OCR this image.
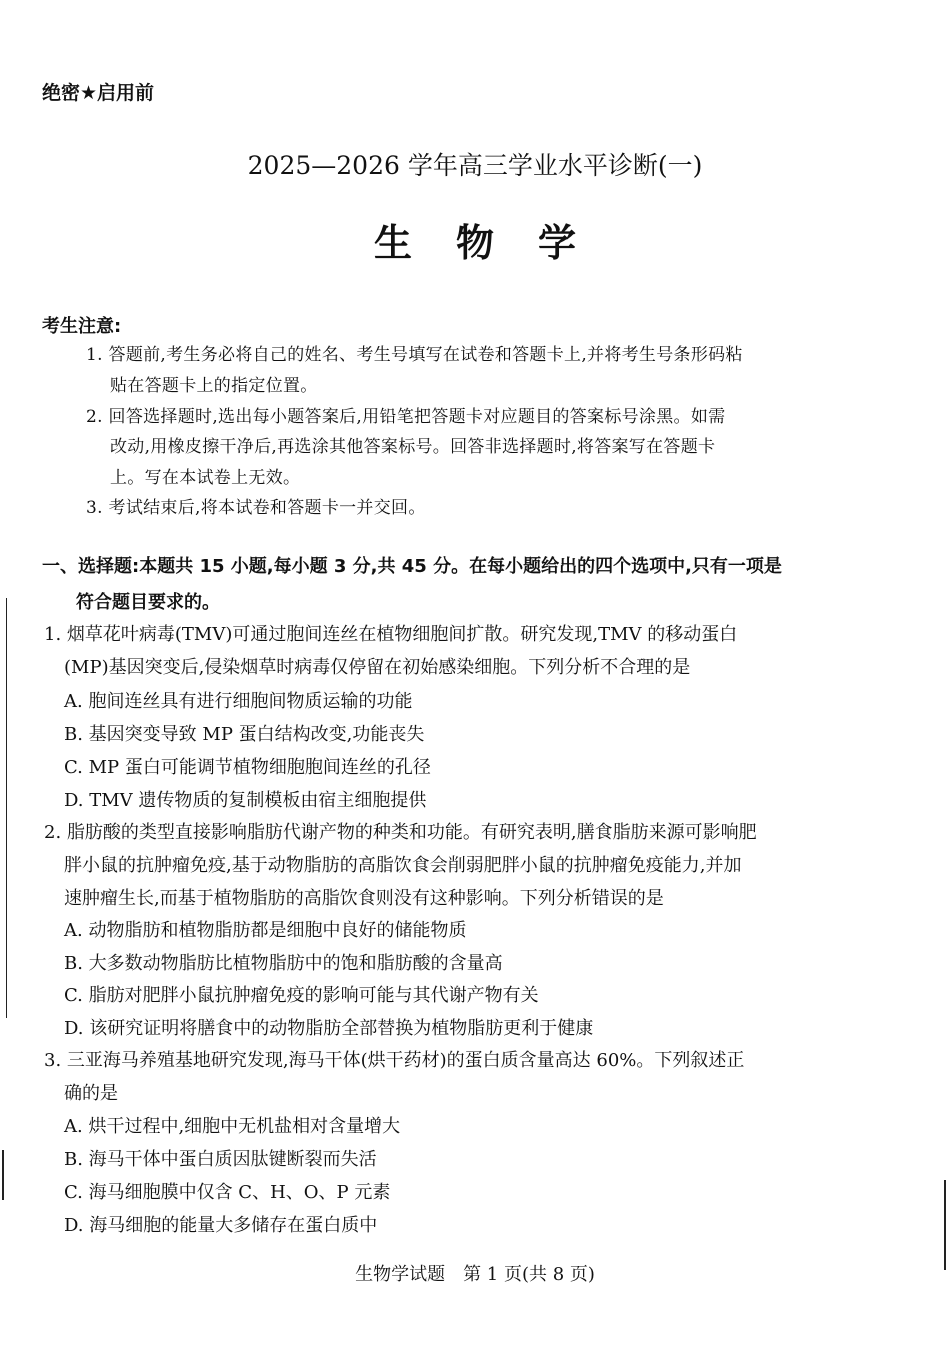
绝密★启用前
2025—2026 学年高三学业水平诊断(一)
生物学
考生注意:
1. 答题前,考生务必将自己的姓名、考生号填写在试卷和答题卡上,并将考生号条形码粘
贴在答题卡上的指定位置。
2. 回答选择题时,选出每小题答案后,用铅笔把答题卡对应题目的答案标号涂黑。如需
改动,用橡皮擦干净后,再选涂其他答案标号。回答非选择题时,将答案写在答题卡
上。写在本试卷上无效。
3. 考试结束后,将本试卷和答题卡一并交回。
一、选择题:本题共 15 小题,每小题 3 分,共 45 分。在每小题给出的四个选项中,只有一项是
符合题目要求的。
1. 烟草花叶病毒(TMV)可通过胞间连丝在植物细胞间扩散。研究发现,TMV 的移动蛋白
(MP)基因突变后,侵染烟草时病毒仅停留在初始感染细胞。下列分析不合理的是
A. 胞间连丝具有进行细胞间物质运输的功能
B. 基因突变导致 MP 蛋白结构改变,功能丧失
C. MP 蛋白可能调节植物细胞胞间连丝的孔径
D. TMV 遗传物质的复制模板由宿主细胞提供
2. 脂肪酸的类型直接影响脂肪代谢产物的种类和功能。有研究表明,膳食脂肪来源可影响肥
胖小鼠的抗肿瘤免疫,基于动物脂肪的高脂饮食会削弱肥胖小鼠的抗肿瘤免疫能力,并加
速肿瘤生长,而基于植物脂肪的高脂饮食则没有这种影响。下列分析错误的是
A. 动物脂肪和植物脂肪都是细胞中良好的储能物质
B. 大多数动物脂肪比植物脂肪中的饱和脂肪酸的含量高
C. 脂肪对肥胖小鼠抗肿瘤免疫的影响可能与其代谢产物有关
D. 该研究证明将膳食中的动物脂肪全部替换为植物脂肪更利于健康
3. 三亚海马养殖基地研究发现,海马干体(烘干药材)的蛋白质含量高达 60%。下列叙述正
确的是
A. 烘干过程中,细胞中无机盐相对含量增大
B. 海马干体中蛋白质因肽键断裂而失活
C. 海马细胞膜中仅含 C、H、O、P 元素
D. 海马细胞的能量大多储存在蛋白质中
生物学试题　第 1 页(共 8 页)
